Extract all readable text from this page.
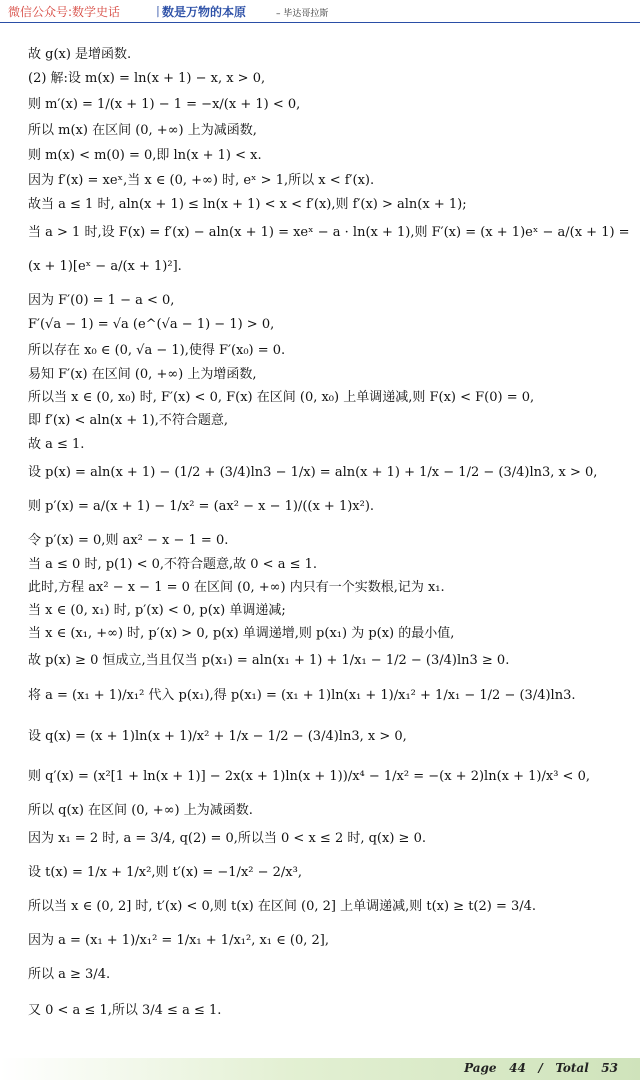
微信公众号:数学史话	丨
数是万物的本原	– 毕达哥拉斯
故 g(x) 是增函数.
(2) 解:设 m(x) = ln(x + 1) − x, x > 0,
则 m′(x) = 1/(x + 1) − 1 = −x/(x + 1) < 0,
所以 m(x) 在区间 (0, +∞) 上为减函数,
则 m(x) < m(0) = 0,即 ln(x + 1) < x.
因为 f′(x) = xeˣ,当 x ∈ (0, +∞) 时, eˣ > 1,所以 x < f′(x).
故当 a ≤ 1 时, aln(x + 1) ≤ ln(x + 1) < x < f′(x),则 f′(x) > aln(x + 1);
当 a > 1 时,设 F(x) = f′(x) − aln(x + 1) = xeˣ − a · ln(x + 1),则 F′(x) = (x + 1)eˣ − a/(x + 1) =
(x + 1)[eˣ − a/(x + 1)²].
因为 F′(0) = 1 − a < 0,
F′(√a − 1) = √a (e^(√a − 1) − 1) > 0,
所以存在 x₀ ∈ (0, √a − 1),使得 F′(x₀) = 0.
易知 F′(x) 在区间 (0, +∞) 上为增函数,
所以当 x ∈ (0, x₀) 时, F′(x) < 0, F(x) 在区间 (0, x₀) 上单调递减,则 F(x) < F(0) = 0,
即 f′(x) < aln(x + 1),不符合题意,
故 a ≤ 1.
设 p(x) = aln(x + 1) − (1/2 + (3/4)ln3 − 1/x) = aln(x + 1) + 1/x − 1/2 − (3/4)ln3, x > 0,
则 p′(x) = a/(x + 1) − 1/x² = (ax² − x − 1)/((x + 1)x²).
令 p′(x) = 0,则 ax² − x − 1 = 0.
当 a ≤ 0 时, p(1) < 0,不符合题意,故 0 < a ≤ 1.
此时,方程 ax² − x − 1 = 0 在区间 (0, +∞) 内只有一个实数根,记为 x₁.
当 x ∈ (0, x₁) 时, p′(x) < 0, p(x) 单调递减;
当 x ∈ (x₁, +∞) 时, p′(x) > 0, p(x) 单调递增,则 p(x₁) 为 p(x) 的最小值,
故 p(x) ≥ 0 恒成立,当且仅当 p(x₁) = aln(x₁ + 1) + 1/x₁ − 1/2 − (3/4)ln3 ≥ 0.
将 a = (x₁ + 1)/x₁² 代入 p(x₁),得 p(x₁) = (x₁ + 1)ln(x₁ + 1)/x₁² + 1/x₁ − 1/2 − (3/4)ln3.
设 q(x) = (x + 1)ln(x + 1)/x² + 1/x − 1/2 − (3/4)ln3, x > 0,
则 q′(x) = (x²[1 + ln(x + 1)] − 2x(x + 1)ln(x + 1))/x⁴ − 1/x² = −(x + 2)ln(x + 1)/x³ < 0,
所以 q(x) 在区间 (0, +∞) 上为减函数.
因为 x₁ = 2 时, a = 3/4, q(2) = 0,所以当 0 < x ≤ 2 时, q(x) ≥ 0.
设 t(x) = 1/x + 1/x²,则 t′(x) = −1/x² − 2/x³,
所以当 x ∈ (0, 2] 时, t′(x) < 0,则 t(x) 在区间 (0, 2] 上单调递减,则 t(x) ≥ t(2) = 3/4.
因为 a = (x₁ + 1)/x₁² = 1/x₁ + 1/x₁², x₁ ∈ (0, 2],
所以 a ≥ 3/4.
又 0 < a ≤ 1,所以 3/4 ≤ a ≤ 1.
Page 44 / Total 53
